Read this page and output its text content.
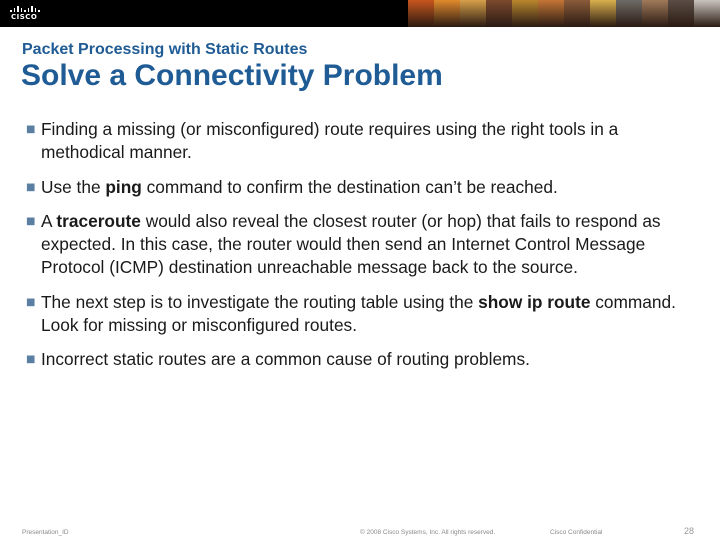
CISCO
Packet Processing with Static Routes
Solve a Connectivity Problem
■ Finding a missing (or misconfigured) route requires using the right tools in a methodical manner.
■ Use the ping command to confirm the destination can’t be reached.
■ A traceroute would also reveal the closest router (or hop) that fails to respond as expected. In this case, the router would then send an Internet Control Message Protocol (ICMP) destination unreachable message back to the source.
■ The next step is to investigate the routing table using the show ip route command. Look for missing or misconfigured routes.
■ Incorrect static routes are a common cause of routing problems.
Presentation_ID	© 2008 Cisco Systems, Inc. All rights reserved.	Cisco Confidential	28
